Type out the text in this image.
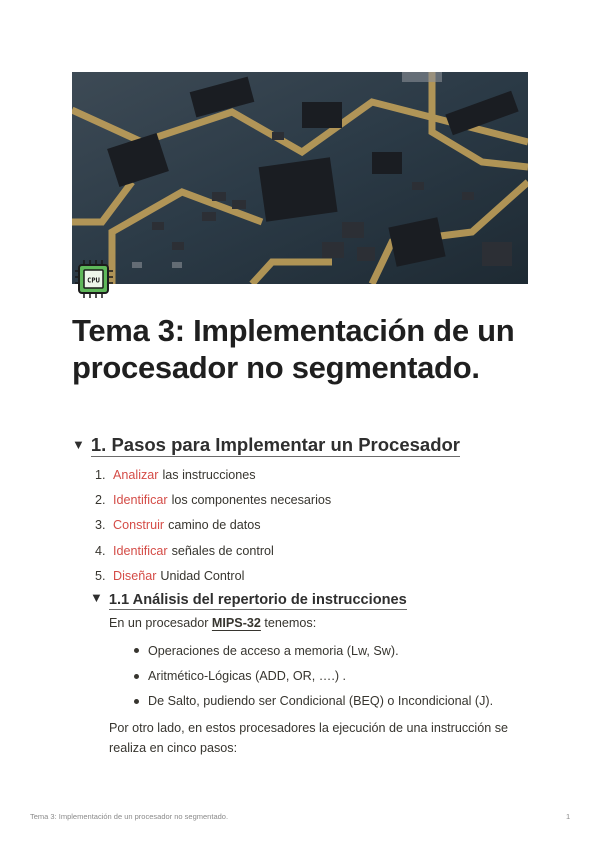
CPU
Tema 3: Implementación de un procesador no segmentado.
▼ 1. Pasos para Implementar un Procesador
1. Analizar las instrucciones
2. Identificar los componentes necesarios
3. Construir camino de datos
4. Identificar señales de control
5. Diseñar Unidad Control
▼ 1.1 Análisis del repertorio de instrucciones
En un procesador MIPS-32 tenemos:
Operaciones de acceso a memoria (Lw, Sw).
Aritmético-Lógicas (ADD, OR, ….) .
De Salto, pudiendo ser Condicional (BEQ) o Incondicional (J).

Por otro lado, en estos procesadores la ejecución de una instrucción se realiza en cinco pasos:

Tema 3: Implementación de un procesador no segmentado.	1
